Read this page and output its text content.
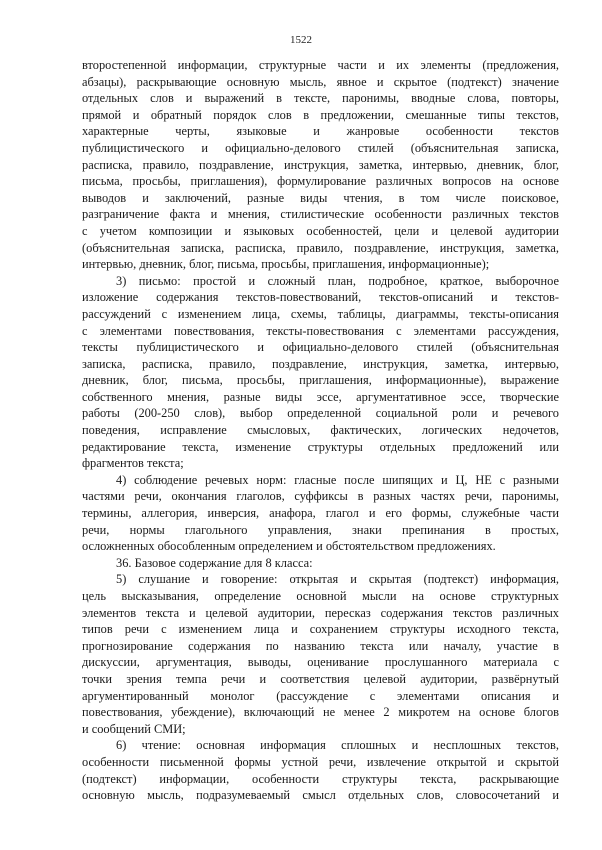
1522
второстепенной информации, структурные части и их элементы (предложения,
абзацы), раскрывающие основную мысль, явное и скрытое (подтекст) значение
отдельных слов и выражений в тексте, паронимы, вводные слова, повторы,
прямой и обратный порядок слов в предложении, смешанные типы текстов,
характерные черты, языковые и жанровые особенности текстов
публицистического и официально-делового стилей (объяснительная записка,
расписка, правило, поздравление, инструкция, заметка, интервью, дневник, блог,
письма, просьбы, приглашения), формулирование различных вопросов на основе
выводов и заключений, разные виды чтения, в том числе поисковое,
разграничение факта и мнения, стилистические особенности различных текстов
с учетом композиции и языковых особенностей, цели и целевой аудитории
(объяснительная записка, расписка, правило, поздравление, инструкция, заметка,
интервью, дневник, блог, письма, просьбы, приглашения, информационные);
3) письмо: простой и сложный план, подробное, краткое, выборочное
изложение содержания текстов-повествований, текстов-описаний и текстов-
рассуждений с изменением лица, схемы, таблицы, диаграммы, тексты-описания
с элементами повествования, тексты-повествования с элементами рассуждения,
тексты публицистического и официально-делового стилей (объяснительная
записка, расписка, правило, поздравление, инструкция, заметка, интервью,
дневник, блог, письма, просьбы, приглашения, информационные), выражение
собственного мнения, разные виды эссе, аргументативное эссе, творческие
работы (200-250 слов), выбор определенной социальной роли и речевого
поведения, исправление смысловых, фактических, логических недочетов,
редактирование текста, изменение структуры отдельных предложений или
фрагментов текста;
4) соблюдение речевых норм: гласные после шипящих и Ц, НЕ с разными
частями речи, окончания глаголов, суффиксы в разных частях речи, паронимы,
термины, аллегория, инверсия, анафора, глагол и его формы, служебные части
речи, нормы глагольного управления, знаки препинания в простых,
осложненных обособленным определением и обстоятельством предложениях.
36. Базовое содержание для 8 класса:
5) слушание и говорение: открытая и скрытая (подтекст) информация,
цель высказывания, определение основной мысли на основе структурных
элементов текста и целевой аудитории, пересказ содержания текстов различных
типов речи с изменением лица и сохранением структуры исходного текста,
прогнозирование содержания по названию текста или началу, участие в
дискуссии, аргументация, выводы, оценивание прослушанного материала с
точки зрения темпа речи и соответствия целевой аудитории, развёрнутый
аргументированный монолог (рассуждение с элементами описания и
повествования, убеждение), включающий не менее 2 микротем на основе блогов
и сообщений СМИ;
6) чтение: основная информация сплошных и несплошных текстов,
особенности письменной формы устной речи, извлечение открытой и скрытой
(подтекст) информации, особенности структуры текста, раскрывающие
основную мысль, подразумеваемый смысл отдельных слов, словосочетаний и
